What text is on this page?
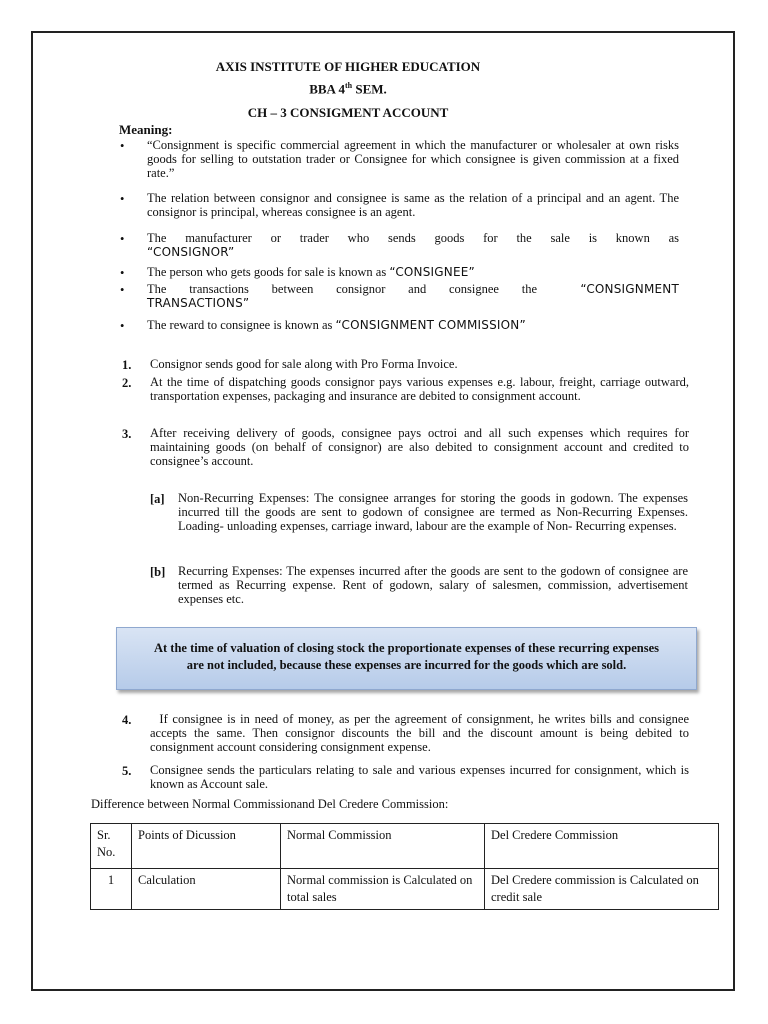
AXIS INSTITUTE OF HIGHER EDUCATION
BBA 4th SEM.
CH – 3 CONSIGMENT ACCOUNT
Meaning:
• “Consignment is specific commercial agreement in which the manufacturer or wholesaler at own risks goods for selling to outstation trader or Consignee for which consignee is given commission at a fixed rate.”
• The relation between consignor and consignee is same as the relation of a principal and an agent. The consignor is principal, whereas consignee is an agent.
• The manufacturer or trader who sends goods for the sale is known as
“CONSIGNOR”
• The person who gets goods for sale is known as “CONSIGNEE”
• The transactions between consignor and consignee the	“CONSIGNMENT TRANSACTIONS”
• The reward to consignee is known as “CONSIGNMENT COMMISSION”
1. Consignor sends good for sale along with Pro Forma Invoice.
2. At the time of dispatching goods consignor pays various expenses e.g. labour, freight, carriage outward, transportation expenses, packaging and insurance are debited to consignment account.
3. After receiving delivery of goods, consignee pays octroi and all such expenses which requires for maintaining goods (on behalf of consignor) are also debited to consignment account and credited to consignee’s account.
[a]	Non-Recurring Expenses: The consignee arranges for storing the goods in godown. The expenses incurred till the goods are sent to godown of consignee are termed as Non-Recurring Expenses. Loading- unloading expenses, carriage inward, labour are the example of Non- Recurring expenses.
[b]	Recurring Expenses: The expenses incurred after the goods are sent to the godown of consignee are termed as Recurring expense. Rent of godown, salary of salesmen, commission, advertisement expenses etc.
At the time of valuation of closing stock the proportionate expenses of these recurring expenses
are not included, because these expenses are incurred for the goods which are sold.
4.	If consignee is in need of money, as per the agreement of consignment, he writes bills and consignee accepts the same. Then consignor discounts the bill and the discount amount is being debited to consignment account considering consignment expense.
5. Consignee sends the particulars relating to sale and various expenses incurred for consignment, which is known as Account sale.
Difference between Normal Commissionand Del Credere Commission:
Sr. No.	Points of Dicussion	Normal Commission	Del Credere Commission
1	Calculation	Normal commission is Calculated on total sales	Del Credere commission is Calculated on credit sale
